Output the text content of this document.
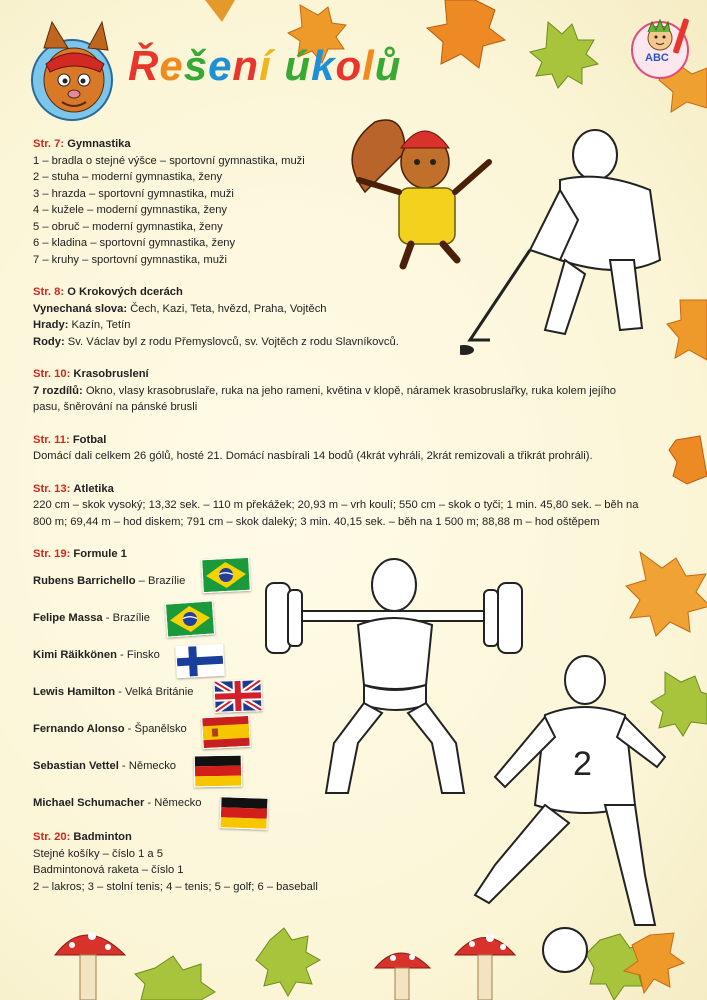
Řešení úkolů	ABC
2
Str. 7: Gymnastika
1 – bradla o stejné výšce – sportovní gymnastika, muži
2 – stuha – moderní gymnastika, ženy
3 – hrazda – sportovní gymnastika, muži
4 – kužele – moderní gymnastika, ženy
5 – obruč – moderní gymnastika, ženy
6 – kladina – sportovní gymnastika, ženy
7 – kruhy – sportovní gymnastika, muži
Str. 8: O Krokových dcerách
Vynechaná slova: Čech, Kazi, Teta, hvězd, Praha, Vojtěch
Hrady: Kazín, Tetín
Rody: Sv. Václav byl z rodu Přemyslovců, sv. Vojtěch z rodu Slavníkovců.
Str. 10: Krasobruslení
7 rozdílů: Okno, vlasy krasobruslaře, ruka na jeho rameni, květina v klopě, náramek krasobruslařky, ruka kolem jejího pasu, šněrování na pánské brusli
Str. 11: Fotbal
Domácí dali celkem 26 gólů, hosté 21. Domácí nasbírali 14 bodů (4krát vyhráli, 2krát remizovali a třikrát prohráli).
Str. 13: Atletika
220 cm – skok vysoký; 13,32 sek. – 110 m překážek; 20,93 m – vrh koulí; 550 cm – skok o tyči; 1 min. 45,80 sek. – běh na 800 m; 69,44 m – hod diskem; 791 cm – skok daleký; 3 min. 40,15 sek. – běh na 1 500 m; 88,88 m – hod oštěpem
Str. 19: Formule 1
Rubens Barrichello – Brazílie
Felipe Massa - Brazílie
Kimi Räikkönen - Finsko
Lewis Hamilton - Velká Británie
Fernando Alonso - Španělsko
Sebastian Vettel - Německo
Michael Schumacher - Německo
Str. 20: Badminton
Stejné košíky – číslo 1 a 5
Badmintonová raketa – číslo 1
2 – lakros; 3 – stolní tenis; 4 – tenis; 5 – golf; 6 – baseball
